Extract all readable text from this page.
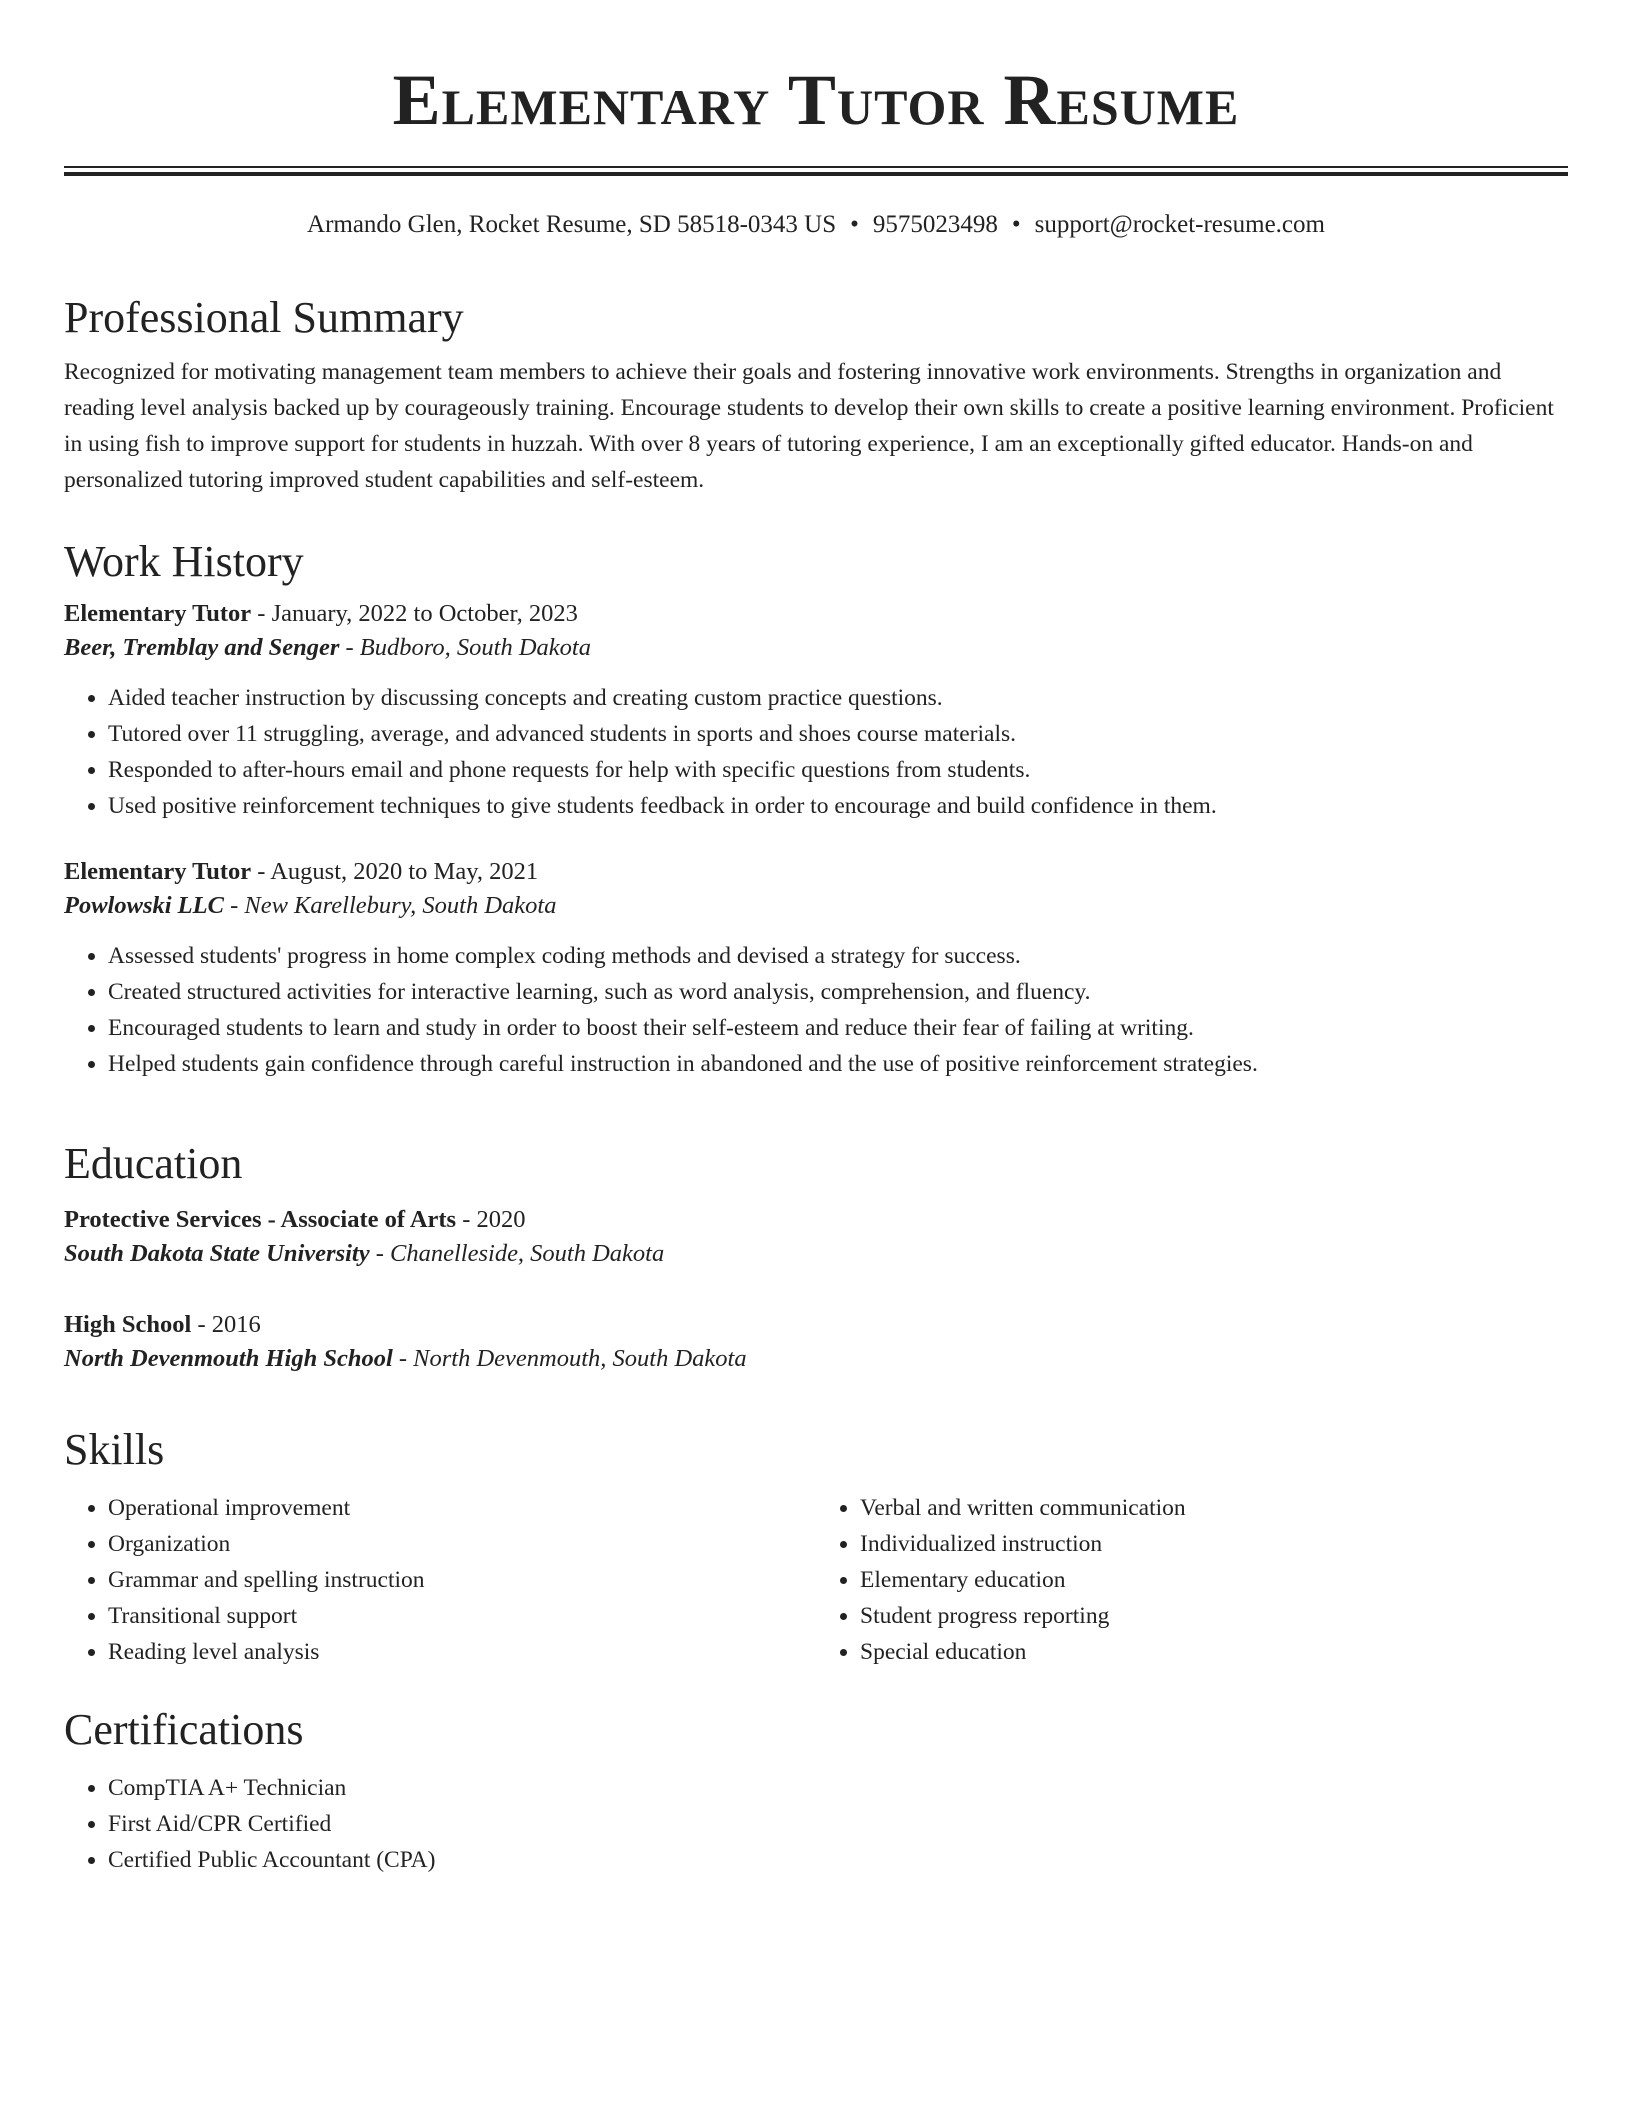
Elementary Tutor Resume
Armando Glen, Rocket Resume, SD 58518-0343 US • 9575023498 • support@rocket-resume.com
Professional Summary

Recognized for motivating management team members to achieve their goals and fostering innovative work environments. Strengths in organization and reading level analysis backed up by courageously training. Encourage students to develop their own skills to create a positive learning environment. Proficient in using fish to improve support for students in huzzah. With over 8 years of tutoring experience, I am an exceptionally gifted educator. Hands-on and personalized tutoring improved student capabilities and self-esteem.

Work History
Elementary Tutor - January, 2022 to October, 2023
Beer, Tremblay and Senger - Budboro, South Dakota
• Aided teacher instruction by discussing concepts and creating custom practice questions.
• Tutored over 11 struggling, average, and advanced students in sports and shoes course materials.
• Responded to after-hours email and phone requests for help with specific questions from students.
• Used positive reinforcement techniques to give students feedback in order to encourage and build confidence in them.
Elementary Tutor - August, 2020 to May, 2021
Powlowski LLC - New Karellebury, South Dakota
• Assessed students' progress in home complex coding methods and devised a strategy for success.
• Created structured activities for interactive learning, such as word analysis, comprehension, and fluency.
• Encouraged students to learn and study in order to boost their self-esteem and reduce their fear of failing at writing.
• Helped students gain confidence through careful instruction in abandoned and the use of positive reinforcement strategies.
Education
Protective Services - Associate of Arts - 2020
South Dakota State University - Chanelleside, South Dakota
High School - 2016
North Devenmouth High School - North Devenmouth, South Dakota
Skills
• Operational improvement
• Organization
• Grammar and spelling instruction
• Transitional support
• Reading level analysis
• Verbal and written communication
• Individualized instruction
• Elementary education
• Student progress reporting
• Special education
Certifications
• CompTIA A+ Technician
• First Aid/CPR Certified
• Certified Public Accountant (CPA)
